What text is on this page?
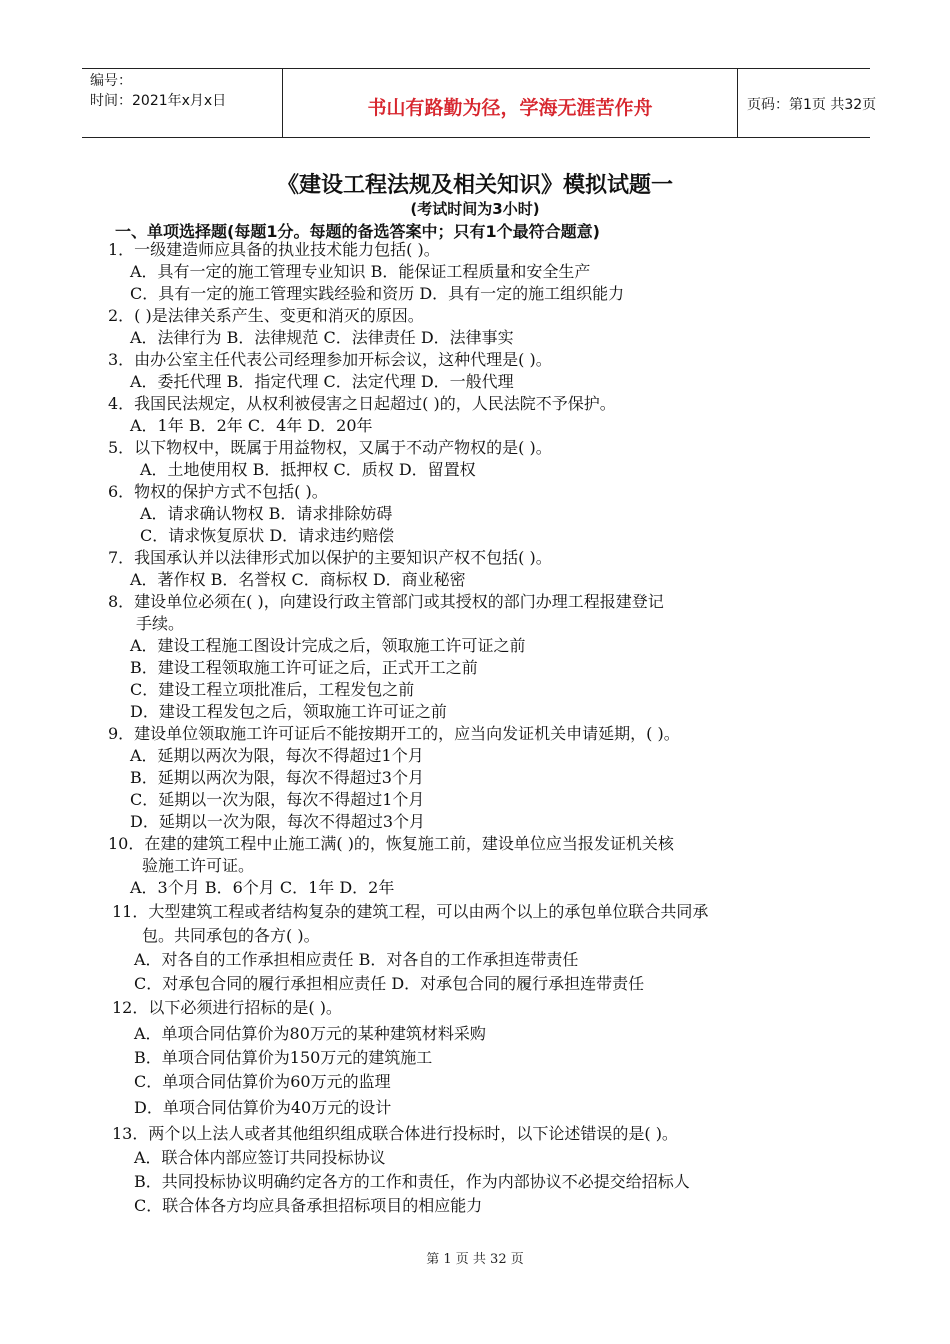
编号：
时间：2021年x月x日	书山有路勤为径，学海无涯苦作舟	页码：第1页 共32页
《建设工程法规及相关知识》模拟试题一
(考试时间为3小时)
一、单项选择题(每题1分。每题的备选答案中；只有1个最符合题意)
1．一级建造师应具备的执业技术能力包括( )。
A．具有一定的施工管理专业知识 B．能保证工程质量和安全生产
C．具有一定的施工管理实践经验和资历 D．具有一定的施工组织能力
2．( )是法律关系产生、变更和消灭的原因。
A．法律行为 B．法律规范 C．法律责任 D．法律事实
3．由办公室主任代表公司经理参加开标会议，这种代理是( )。
A．委托代理 B．指定代理 C．法定代理 D．一般代理
4．我国民法规定，从权利被侵害之日起超过( )的，人民法院不予保护。
A．1年 B．2年 C．4年 D．20年
5．以下物权中，既属于用益物权，又属于不动产物权的是( )。
A．土地使用权 B．抵押权 C．质权 D．留置权
6．物权的保护方式不包括( )。
A．请求确认物权 B．请求排除妨碍
C．请求恢复原状 D．请求违约赔偿
7．我国承认并以法律形式加以保护的主要知识产权不包括( )。
A．著作权 B．名誉权 C．商标权 D．商业秘密
8．建设单位必须在( )，向建设行政主管部门或其授权的部门办理工程报建登记
手续。
A．建设工程施工图设计完成之后，领取施工许可证之前
B．建设工程领取施工许可证之后，正式开工之前
C．建设工程立项批准后，工程发包之前
D．建设工程发包之后，领取施工许可证之前
9．建设单位领取施工许可证后不能按期开工的，应当向发证机关申请延期，( )。
A．延期以两次为限，每次不得超过1个月
B．延期以两次为限，每次不得超过3个月
C．延期以一次为限，每次不得超过1个月
D．延期以一次为限，每次不得超过3个月
10．在建的建筑工程中止施工满( )的，恢复施工前，建设单位应当报发证机关核
验施工许可证。
A．3个月 B．6个月 C．1年 D．2年
11．大型建筑工程或者结构复杂的建筑工程，可以由两个以上的承包单位联合共同承
包。共同承包的各方( )。
A．对各自的工作承担相应责任 B．对各自的工作承担连带责任
C．对承包合同的履行承担相应责任 D．对承包合同的履行承担连带责任
12．以下必须进行招标的是( )。
A．单项合同估算价为80万元的某种建筑材料采购
B．单项合同估算价为150万元的建筑施工
C．单项合同估算价为60万元的监理
D．单项合同估算价为40万元的设计
13．两个以上法人或者其他组织组成联合体进行投标时，以下论述错误的是( )。
A．联合体内部应签订共同投标协议
B．共同投标协议明确约定各方的工作和责任，作为内部协议不必提交给招标人
C．联合体各方均应具备承担招标项目的相应能力
第 1 页 共 32 页
